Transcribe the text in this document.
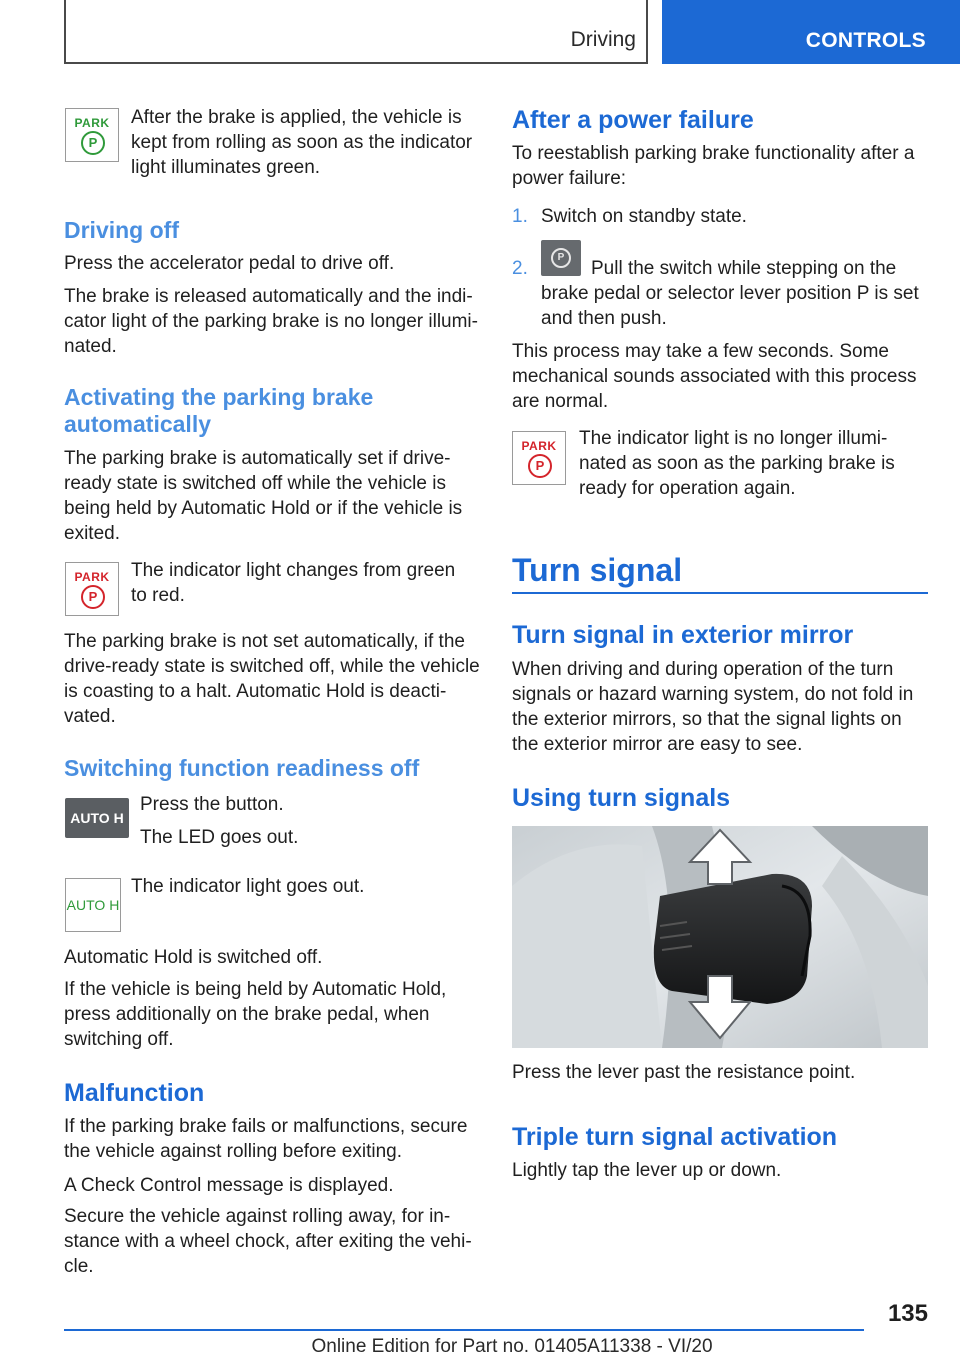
Driving	CONTROLS
PARK
P

After the brake is applied, the vehicle is kept from rolling as soon as the indicator light illuminates green.

Driving off

Press the accelerator pedal to drive off.

The brake is released automatically and the indicator light of the parking brake is no longer illuminated.

Activating the parking brake automatically

The parking brake is automatically set if drive-ready state is switched off while the vehicle is being held by Automatic Hold or if the vehicle is exited.

PARK
P

The indicator light changes from green to red.

The parking brake is not set automatically, if the drive-ready state is switched off, while the vehicle is coasting to a halt. Automatic Hold is deactivated.

Switching function readiness off
AUTO H

Press the button.

The LED goes out.

AUTO H

The indicator light goes out.

Automatic Hold is switched off.

If the vehicle is being held by Automatic Hold, press additionally on the brake pedal, when switching off.

Malfunction

If the parking brake fails or malfunctions, secure the vehicle against rolling before exiting.

A Check Control message is displayed.

Secure the vehicle against rolling away, for instance with a wheel chock, after exiting the vehicle.

After a power failure

To reestablish parking brake functionality after a power failure:

1. Switch on standby state.

2.
P

Pull the switch while stepping on the brake pedal or selector lever position P is set and then push.

This process may take a few seconds. Some mechanical sounds associated with this process are normal.

PARK
P

The indicator light is no longer illuminated as soon as the parking brake is ready for operation again.

Turn signal
Turn signal in exterior mirror

When driving and during operation of the turn signals or hazard warning system, do not fold in the exterior mirrors, so that the signal lights on the exterior mirror are easy to see.

Using turn signals

Press the lever past the resistance point.

Triple turn signal activation

Lightly tap the lever up or down.

135
Online Edition for Part no. 01405A11338 - VI/20
